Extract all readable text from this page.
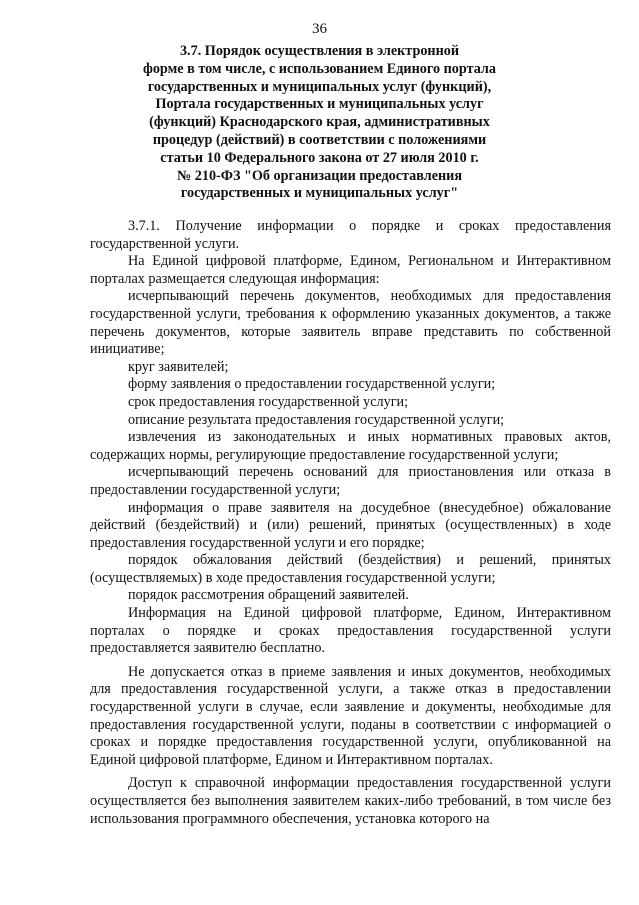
36
3.7. Порядок осуществления в электронной
форме в том числе, с использованием Единого портала
государственных и муниципальных услуг (функций),
Портала государственных и муниципальных услуг
(функций) Краснодарского края, административных
процедур (действий) в соответствии с положениями
статьи 10 Федерального закона от 27 июля 2010 г.
№ 210-ФЗ "Об организации предоставления
государственных и муниципальных услуг"

3.7.1. Получение информации о порядке и сроках предоставления государственной услуги.

На Единой цифровой платформе, Едином, Региональном и Интерактивном порталах размещается следующая информация:

исчерпывающий перечень документов, необходимых для предоставления государственной услуги, требования к оформлению указанных документов, а также перечень документов, которые заявитель вправе представить по собственной инициативе;

круг заявителей;

форму заявления о предоставлении государственной услуги;

срок предоставления государственной услуги;

описание результата предоставления государственной услуги;

извлечения из законодательных и иных нормативных правовых актов, содержащих нормы, регулирующие предоставление государственной услуги;

исчерпывающий перечень оснований для приостановления или отказа в предоставлении государственной услуги;

информация о праве заявителя на досудебное (внесудебное) обжалование действий (бездействий) и (или) решений, принятых (осуществленных) в ходе предоставления государственной услуги и его порядке;

порядок обжалования действий (бездействия) и решений, принятых (осуществляемых) в ходе предоставления государственной услуги;

порядок рассмотрения обращений заявителей.

Информация на Единой цифровой платформе, Едином, Интерактивном порталах о порядке и сроках предоставления государственной услуги предоставляется заявителю бесплатно.

Не допускается отказ в приеме заявления и иных документов, необходимых для предоставления государственной услуги, а также отказ в предоставлении государственной услуги в случае, если заявление и документы, необходимые для предоставления государственной услуги, поданы в соответствии с информацией о сроках и порядке предоставления государственной услуги, опубликованной на Единой цифровой платформе, Едином и Интерактивном порталах.

Доступ к справочной информации предоставления государственной услуги осуществляется без выполнения заявителем каких-либо требований, в том числе без использования программного обеспечения, установка которого на
